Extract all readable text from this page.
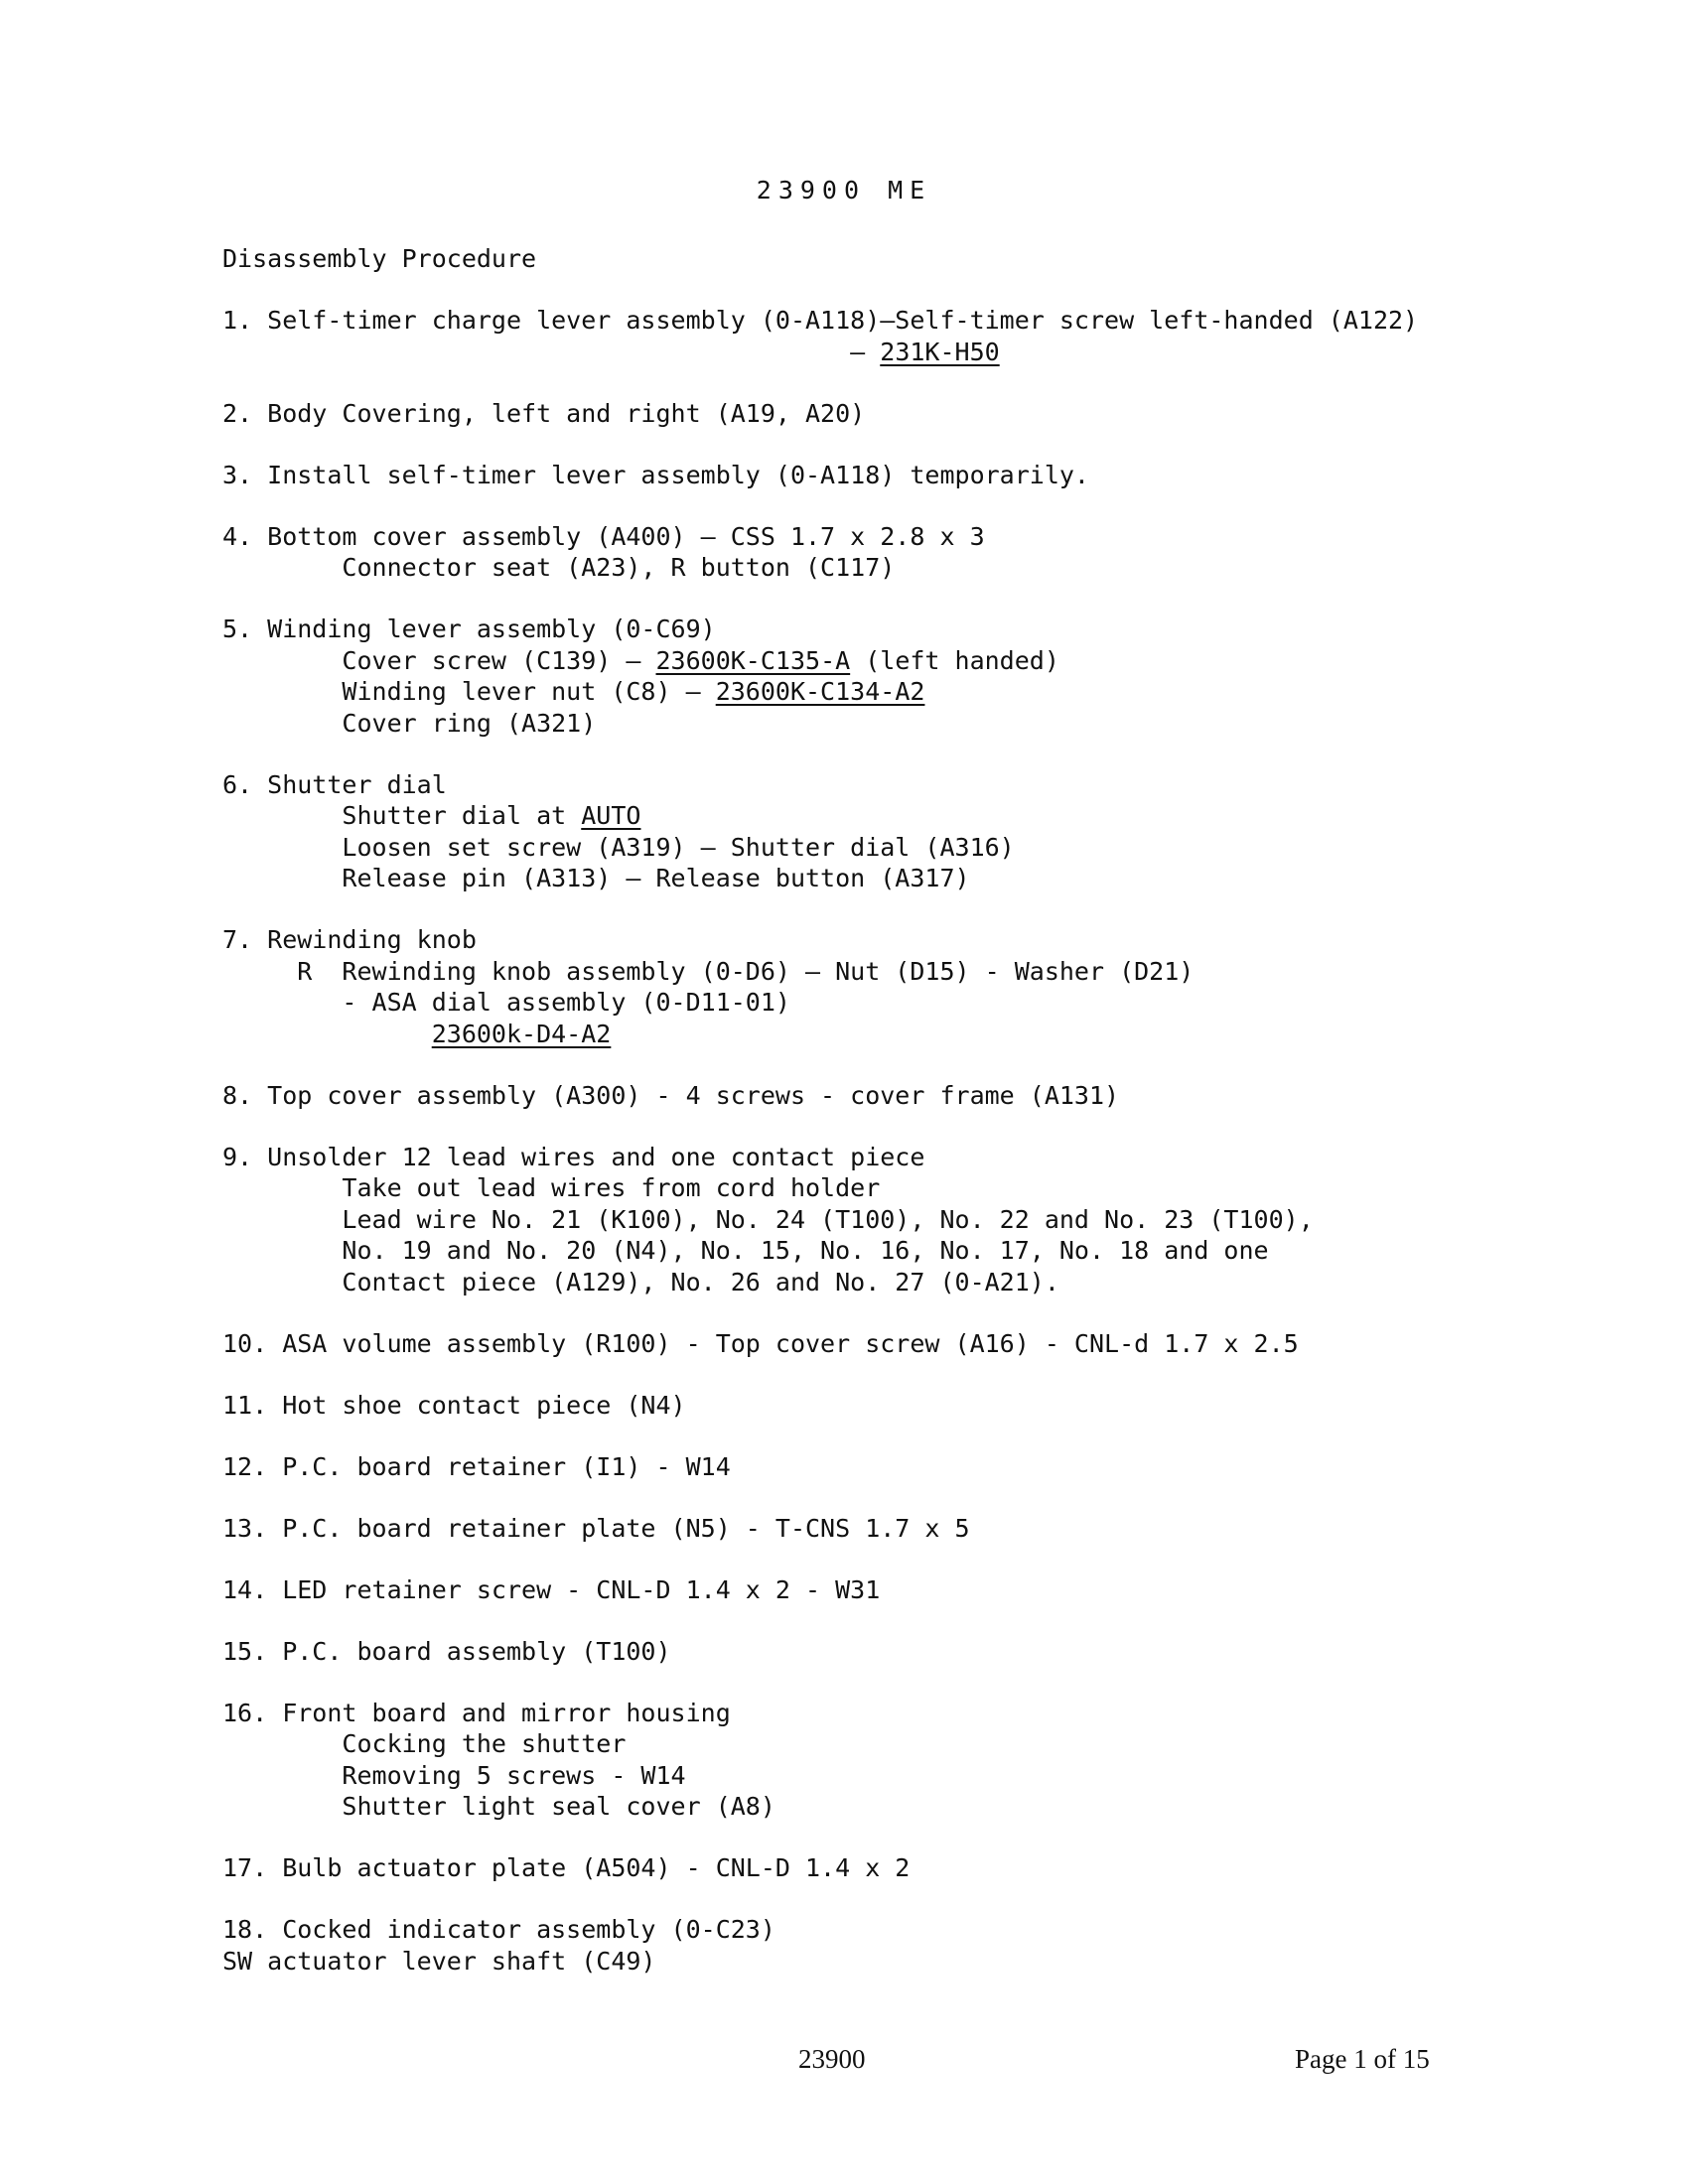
23900 ME
Disassembly Procedure
1. Self-timer charge lever assembly (0-A118)—Self-timer screw left-handed (A122)
– 231K-H50
2. Body Covering, left and right (A19, A20)
3. Install self-timer lever assembly (0-A118) temporarily.
4. Bottom cover assembly (A400) – CSS 1.7 x 2.8 x 3
Connector seat (A23), R button (C117)
5. Winding lever assembly (0-C69)
Cover screw (C139) – 23600K-C135-A (left handed)
Winding lever nut (C8) – 23600K-C134-A2
Cover ring (A321)
6. Shutter dial
Shutter dial at AUTO
Loosen set screw (A319) – Shutter dial (A316)
Release pin (A313) – Release button (A317)
7. Rewinding knob
R  Rewinding knob assembly (0-D6) – Nut (D15) - Washer (D21)
- ASA dial assembly (0-D11-01)
23600k-D4-A2
8. Top cover assembly (A300) - 4 screws - cover frame (A131)
9. Unsolder 12 lead wires and one contact piece
Take out lead wires from cord holder
Lead wire No. 21 (K100), No. 24 (T100), No. 22 and No. 23 (T100),
No. 19 and No. 20 (N4), No. 15, No. 16, No. 17, No. 18 and one
Contact piece (A129), No. 26 and No. 27 (0-A21).
10. ASA volume assembly (R100) - Top cover screw (A16) - CNL-d 1.7 x 2.5
11. Hot shoe contact piece (N4)
12. P.C. board retainer (I1) - W14
13. P.C. board retainer plate (N5) - T-CNS 1.7 x 5
14. LED retainer screw - CNL-D 1.4 x 2 - W31
15. P.C. board assembly (T100)
16. Front board and mirror housing
Cocking the shutter
Removing 5 screws - W14
Shutter light seal cover (A8)
17. Bulb actuator plate (A504) - CNL-D 1.4 x 2
18. Cocked indicator assembly (0-C23)
SW actuator lever shaft (C49)
23900	Page 1 of 15
